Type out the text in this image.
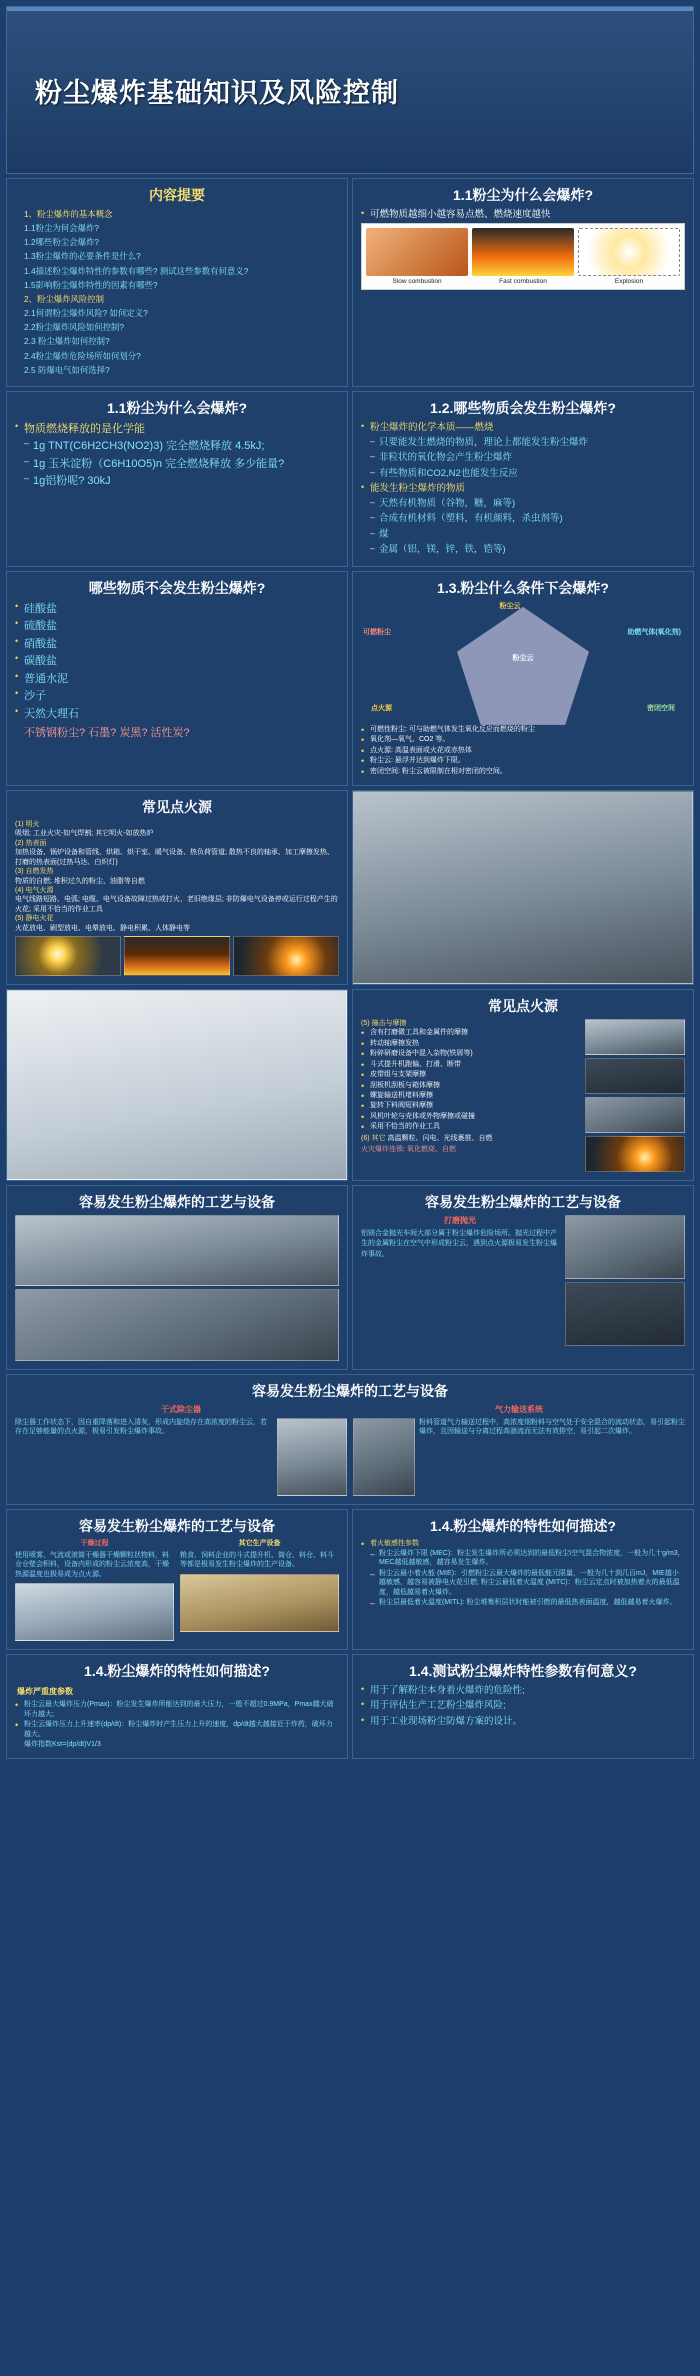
粉尘爆炸基础知识及风险控制
内容提要
1、粉尘爆炸的基本概念
1.1粉尘为何会爆炸?
1.2哪些粉尘会爆炸?
1.3粉尘爆炸的必要条件是什么?
1.4描述粉尘爆炸特性的参数有哪些? 测试这些参数有何意义?
1.5影响粉尘爆炸特性的因素有哪些?
2、粉尘爆炸风险控制
2.1何谓粉尘爆炸风险? 如何定义?
2.2粉尘爆炸风险如何控制?
2.3 粉尘爆炸如何控制?
2.4粉尘爆炸危险场所如何划分?
2.5 防爆电气如何选择?
1.1粉尘为什么会爆炸?
• 可燃物质越细小越容易点燃、燃烧速度越快
Slow combustion	Fast combustion	Explosion
1.1粉尘为什么会爆炸?
• 物质燃烧释放的是化学能
– 1g TNT(C6H2CH3(NO2)3) 完全燃烧释放 4.5kJ;
– 1g 玉米淀粉（C6H10O5)n 完全燃烧释放 多少能量?
– 1g铝粉呢? 30kJ
1.2.哪些物质会发生粉尘爆炸?
• 粉尘爆炸的化学本质——燃烧
– 只要能发生燃烧的物质，理论上都能发生粉尘爆炸
– 非粒状的氧化物会产生粉尘爆炸
– 有些物质和CO2,N2也能发生反应
• 能发生粉尘爆炸的物质
– 天然有机物质（谷物，糖，麻等)
– 合成有机材料（塑料，有机颜料，杀虫剂等)
– 煤
– 金属（铝，镁，锌，铁，锆等)
哪些物质不会发生粉尘爆炸?
• 硅酸盐
• 硫酸盐
• 硝酸盐
• 碳酸盐
• 普通水泥
• 沙子
• 天然大理石
不锈钢粉尘? 石墨? 炭黑? 活性炭?
1.3.粉尘什么条件下会爆炸?
粉尘云
可燃粉尘	助燃气体(氧化剂)
点火源	密闭空间
粉尘云
• 可燃性粉尘: 可与助燃气体发生氧化反应而燃烧的粉尘
• 氧化剂—氧气、CO2 等。
• 点火源: 高温表面或火花或赤热体
• 粉尘云: 悬浮并达到爆炸下限。
• 密闭空间: 粉尘云被限制在相对密闭的空间。
常见点火源
(1) 明火
吸烟; 工业火灾-如气焊割; 其它明火-如放热炉
(2) 热表面
加热设备、锅炉设备和管线、烘箱、烘干室、暖气设备、热负荷管道; 散热不良的轴承、加工摩擦发热、打磨的热表面(过热马达、白炽灯)
(3) 自燃发热
物质的自燃; 堆积过久的粉尘、油脂等自燃
(4) 电气火源
电气线路短路、电弧; 电缆、电气设备故障过热或打火、老旧绝缘层; 非防爆电气设备停或运行过程产生的火花; 采用不恰当的作业工具
(5) 静电火花
火花放电、刷型放电、电晕放电、静电积累、人体静电等
常见点火源
(5) 撞击与摩擦
• 含有打磨微工具和金属件的摩擦
• 转动轴摩擦发热
• 粉碎研磨设备中混入杂物(铁屑等)
• 斗式提升机跑偏、打滑、断带
• 皮带组与支架摩擦
• 刮板机刮板与箱体摩擦
• 螺旋输送机堵料摩擦
• 旋转下料阀短料摩擦
• 风机叶轮与壳体或外物摩擦或碰撞
• 采用不恰当的作业工具
(6) 其它 高温颗粒、闪电、光线裹推、自燃
火灾爆炸连锁: 氧化燃烧、自燃
容易发生粉尘爆炸的工艺与设备	容易发生粉尘爆炸的工艺与设备
打磨抛光
铝镁合金抛光车间大部分属于粉尘爆炸危险场所。抛光过程中产生的金属粉尘在空气中形成粉尘云，遇到点火源极易发生粉尘爆炸事故。
容易发生粉尘爆炸的工艺与设备
干式除尘器
除尘器工作状态下，因自重降落和进入清灰，形成内旋绕存在高浓度的粉尘云，若存在足够能量的点火源，极易引发粉尘爆炸事故。
气力输送系统
粉料管道气力输送过程中，高浓度细粉料与空气处于安全混合的流动状态，易引起粉尘爆炸，且因输送与分离过程高湍流而无法有效排空，易引起二次爆炸。
容易发生粉尘爆炸的工艺与设备
干燥过程
使用喷雾、气流或滚筒干燥器干燥颗粒状物料，料仓仓壁会积料，设备内形成的粉尘云浓度高，干燥热源温度也极易成为点火源。
其它生产设备
粮食、饲料企业的斗式提升机、筒仓、料仓、料斗等都是极易发生粉尘爆炸的生产设备。
1.4.粉尘爆炸的特性如何描述?
• 着火敏感性参数
– 粉尘云爆炸下限 (MEC)：粉尘发生爆炸所必须达到的最低粉尘\空气混合物浓度，一般为几十g/m3，MEC越低越敏感，越容易发生爆炸。
– 粉尘云最小着火能 (MIE)：引燃粉尘云最大爆炸的最低能元限量，一般为几十到几百mJ，MIE越小越敏感，越容易被静电火花引燃; 粉尘云最低着火温度 (MITC)：粉尘云定点时被加热着火的最低温度，越低越易着火爆炸。
– 粉尘层最低着火温度(MITL): 粉尘堆集积层状时能被引燃的最低热表面温度，越低越易着火爆炸。
1.4.粉尘爆炸的特性如何描述?
爆炸严重度参数
• 粉尘云最大爆炸压力(Pmax)：粉尘发生爆炸所能达到的最大压力，一般不超过0.9MPa，Pmax越大破坏力越大;
• 粉尘云爆炸压力上升速率(dp/dt)：粉尘爆炸时产生压力上升的速度，dp/dt越大越接近于炸药，破坏力越大。
爆炸指数Kst=(dp/dt)V1/3
1.4.测试粉尘爆炸特性参数有何意义?
• 用于了解粉尘本身着火爆炸的危险性;
• 用于评估生产工艺粉尘爆炸风险;
• 用于工业现场粉尘防爆方案的设计。
